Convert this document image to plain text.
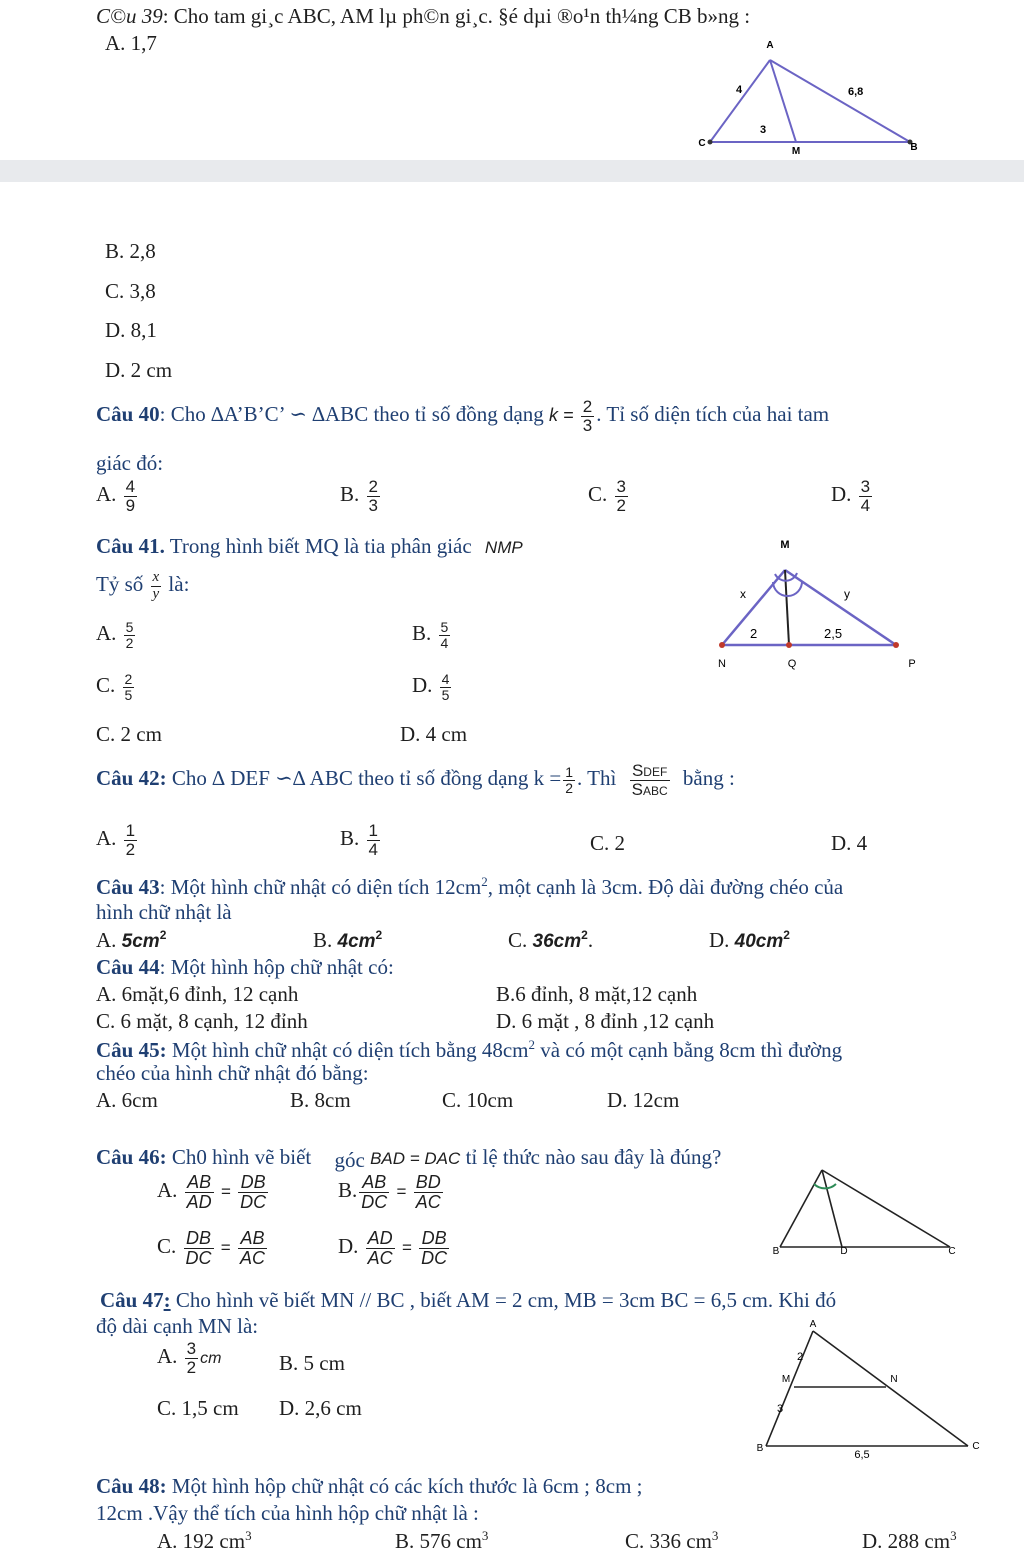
C©u 39: Cho tam gi¸c ABC, AM lµ ph©n gi¸c. §é dµi ®o¹n th¼ng CB b»ng :
A. 1,7	A
C
M	B
4	6,8
3
B. 2,8
C. 3,8
D. 8,1
D. 2 cm
Câu 40: Cho ∆A’B’C’ ∽ ∆ABC theo tỉ số đồng dạng $k = \frac{2}{3}$ . Tỉ số diện tích của hai tam
giác đó:
A. $\frac{4}{9}$	B. $\frac{2}{3}$	C. $\frac{3}{2}$	D. $\frac{3}{4}$
Câu 41. Trong hình biết MQ là tia phân giác NMP
Tỷ số $\frac{x}{y}$ là:
A. $\frac{5}{2}$	B. $\frac{5}{4}$
C. $\frac{2}{5}$	D. $\frac{4}{5}$
C. 2 cm	D. 4 cm
M
N	Q	P
x	y
2	2,5
Câu 42: Cho ∆ DEF ∽∆ ABC theo tỉ số đồng dạng $k = \frac{1}{2}$ . Thì $\frac{\text{SDEF}}{\text{SABC}}$ bằng :
A. $\frac{1}{2}$	B. $\frac{1}{4}$	C. 2	D. 4
Câu 43: Một hình chữ nhật có diện tích $12cm^2$, một cạnh là 3cm. Độ dài đường chéo của
hình chữ nhật là
A. $5cm^2$	B. $4cm^2$	C. $36cm^2$.	D. $40cm^2$
Câu 44: Một hình hộp chữ nhật có:
A. 6mặt,6 đỉnh, 12 cạnh	B.6 đỉnh, 8 mặt,12 cạnh
C. 6 mặt, 8 cạnh, 12 đỉnh	D. 6 mặt , 8 đỉnh ,12 cạnh
Câu 45: Một hình chữ nhật có diện tích bằng $48cm^2$ và có một cạnh bằng 8cm thì đường
chéo của hình chữ nhật đó bằng:
A. 6cm	B. 8cm	C. 10cm	D. 12cm
Câu 46: Ch0 hình vẽ biết góc BAD = DAC tỉ lệ thức nào sau đây là đúng?
A. $\frac{AB}{AD} = \frac{DB}{DC}$	B. $\frac{AB}{DC} = \frac{BD}{AC}$
C. $\frac{DB}{DC} = \frac{AB}{AC}$	D. $\frac{AD}{AC} = \frac{DB}{DC}$	B	D	C
Câu 47: Cho hình vẽ biết MN // BC , biết AM = 2 cm, MB = 3cm BC = 6,5 cm. Khi đó
độ dài cạnh MN là:
A. $\frac{3}{2}$ cm	B. 5 cm
C. 1,5 cm D. 2,6 cm
A
M	N
B	C
2
3
6,5
Câu 48: Một hình hộp chữ nhật có các kích thước là 6cm ; 8cm ;
12cm .Vậy thể tích của hình hộp chữ nhật là :
A. 192 $cm^3$	B. 576 $cm^3$	C. 336 $cm^3$	D. 288 $cm^3$
